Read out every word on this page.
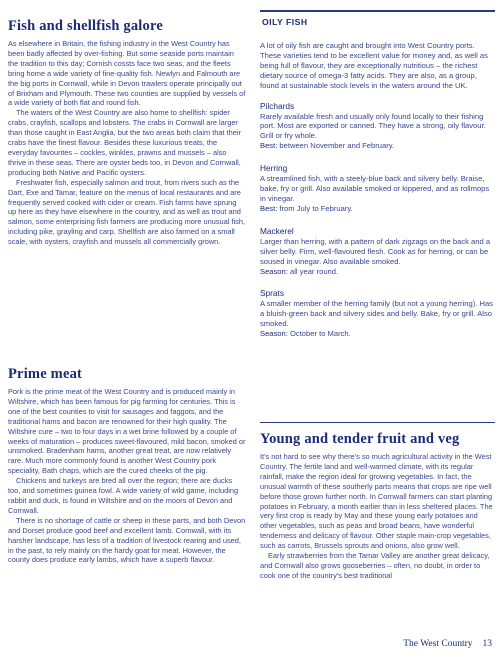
Fish and shellfish galore

As elsewhere in Britain, the fishing industry in the West Country has been badly affected by over-fishing. But some seaside ports maintain the tradition to this day; Cornish cossts face two seas, and the fleets bring home a wide variety of fine-quality fish. Newlyn and Falmouth are the big ports in Cornwall, while in Devon trawlers operate principally out of Brixham and Plymouth. These two counties are supplied by vessels of a wide variety of both flat and round fish.

The waters of the West Country are also home to shellfish: spider crabs, crayfish, scallops and lobsters. The crabs in Cornwall are larger than those caught in East Anglia, but the two areas both claim that their crabs have the finest flavour. Besides these luxurious treats, the everyday favourites – cockles, winkles, prawns and mussels – also thrive in these seas. There are oyster beds too, in Devon and Cornwall, producing both Native and Pacific oysters.

Freshwater fish, especially salmon and trout, from rivers such as the Dart, Exe and Tamar, feature on the menus of local restaurants and are frequently served cooked with cider or cream. Fish farms have sprung up here as they have elsewhere in the country, and as well as trout and salmon, some enterprising fish farmers are producing more unusual fish, including pike, grayling and carp. Shellfish are also farmed on a small scale, with oysters, crayfish and mussels all commercially grown.

Prime meat

Pork is the prime meat of the West Country and is produced mainly in Wiltshire, which has been famous for pig farming for centuries. This is one of the best counties to visit for sausages and faggots, and the traditional hams and bacon are renowned for their high quality. The Wiltshire cure – two to four days in a wet brine followed by a couple of weeks of maturation – produces sweet-flavoured, mild bacon, smoked or unsmoked. Bradenham hams, another great treat, are now relatively rare. Much more commonly found is another West Country pork speciality, Bath chaps, which are the cured cheeks of the pig.

Chickens and turkeys are bred all over the region; there are ducks too, and sometimes guinea fowl. A wide variety of wild game, including rabbit and duck, is found in Wiltshire and on the moors of Devon and Cornwall.

There is no shortage of cattle or sheep in these parts, and both Devon and Dorset produce good beef and excellent lamb. Cornwall, with its harsher landscape, has less of a tradition of livestock rearing and used, in the past, to rely mainly on the hardy goat for meat. However, the county does produce early lambs, which have a superb flavour.

OILY FISH

A lot of oily fish are caught and brought into West Country ports. These varieties tend to be excellent value for money and, as well as being full of flavour, they are exceptionally nutritious – the richest dietary source of omega-3 fatty acids. They are also, as a group, found at sustainable stock levels in the waters around the UK.

Pilchards

Rarely available fresh and usually only found locally to their fishing port. Most are exported or canned. They have a strong, oily flavour. Grill or fry whole.

Best: between November and February.

Herring

A streamlined fish, with a steely-blue back and silvery belly. Braise, bake, fry or grill. Also available smoked or kippered, and as rollmops in vinegar.

Best: from July to February.

Mackerel

Larger than herring, with a pattern of dark zigzags on the back and a silver belly. Firm, well-flavoured flesh. Cook as for herring, or can be soused in vinegar. Also available smoked.

Season: all year round.

Sprats

A smaller member of the herring family (but not a young herring). Has a bluish-green back and silvery sides and belly. Bake, fry or grill. Also smoked.

Season: October to March.

Young and tender fruit and veg

It's not hard to see why there's so much agricultural activity in the West Country. The fertile land and well-warmed climate, with its regular rainfall, make the region ideal for growing vegetables. In fact, the unusual warmth of these southerly parts means that crops are ripe well before those grown further north. In Cornwall farmers can start planting potatoes in February, a month earlier than in less sheltered places. The very first crop is ready by May and these young early potatoes and other vegetables, such as peas and broad beans, have wonderful tenderness and delicacy of flavour. Other staple main-crop vegetables, such as carrots, Brussels sprouts and onions, also grow well.

Early strawberries from the Tamar Valley are another great delicacy, and Cornwall also grows gooseberries – often, no doubt, in order to cook one of the country's best traditional

The West Country 13
